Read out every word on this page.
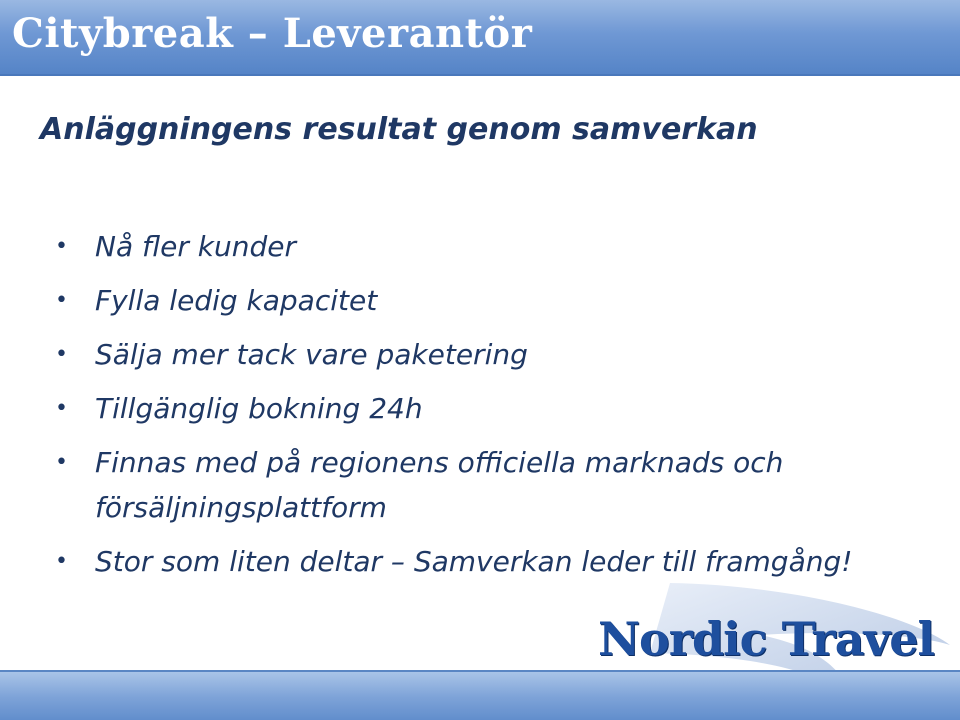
Citybreak – Leverantör
Anläggningens resultat genom samverkan
• Nå fler kunder
• Fylla ledig kapacitet
• Sälja mer tack vare paketering
• Tillgänglig bokning 24h
• Finnas med på regionens officiella marknads och försäljningsplattform
• Stor som liten deltar – Samverkan leder till framgång!
Nordic Travel
